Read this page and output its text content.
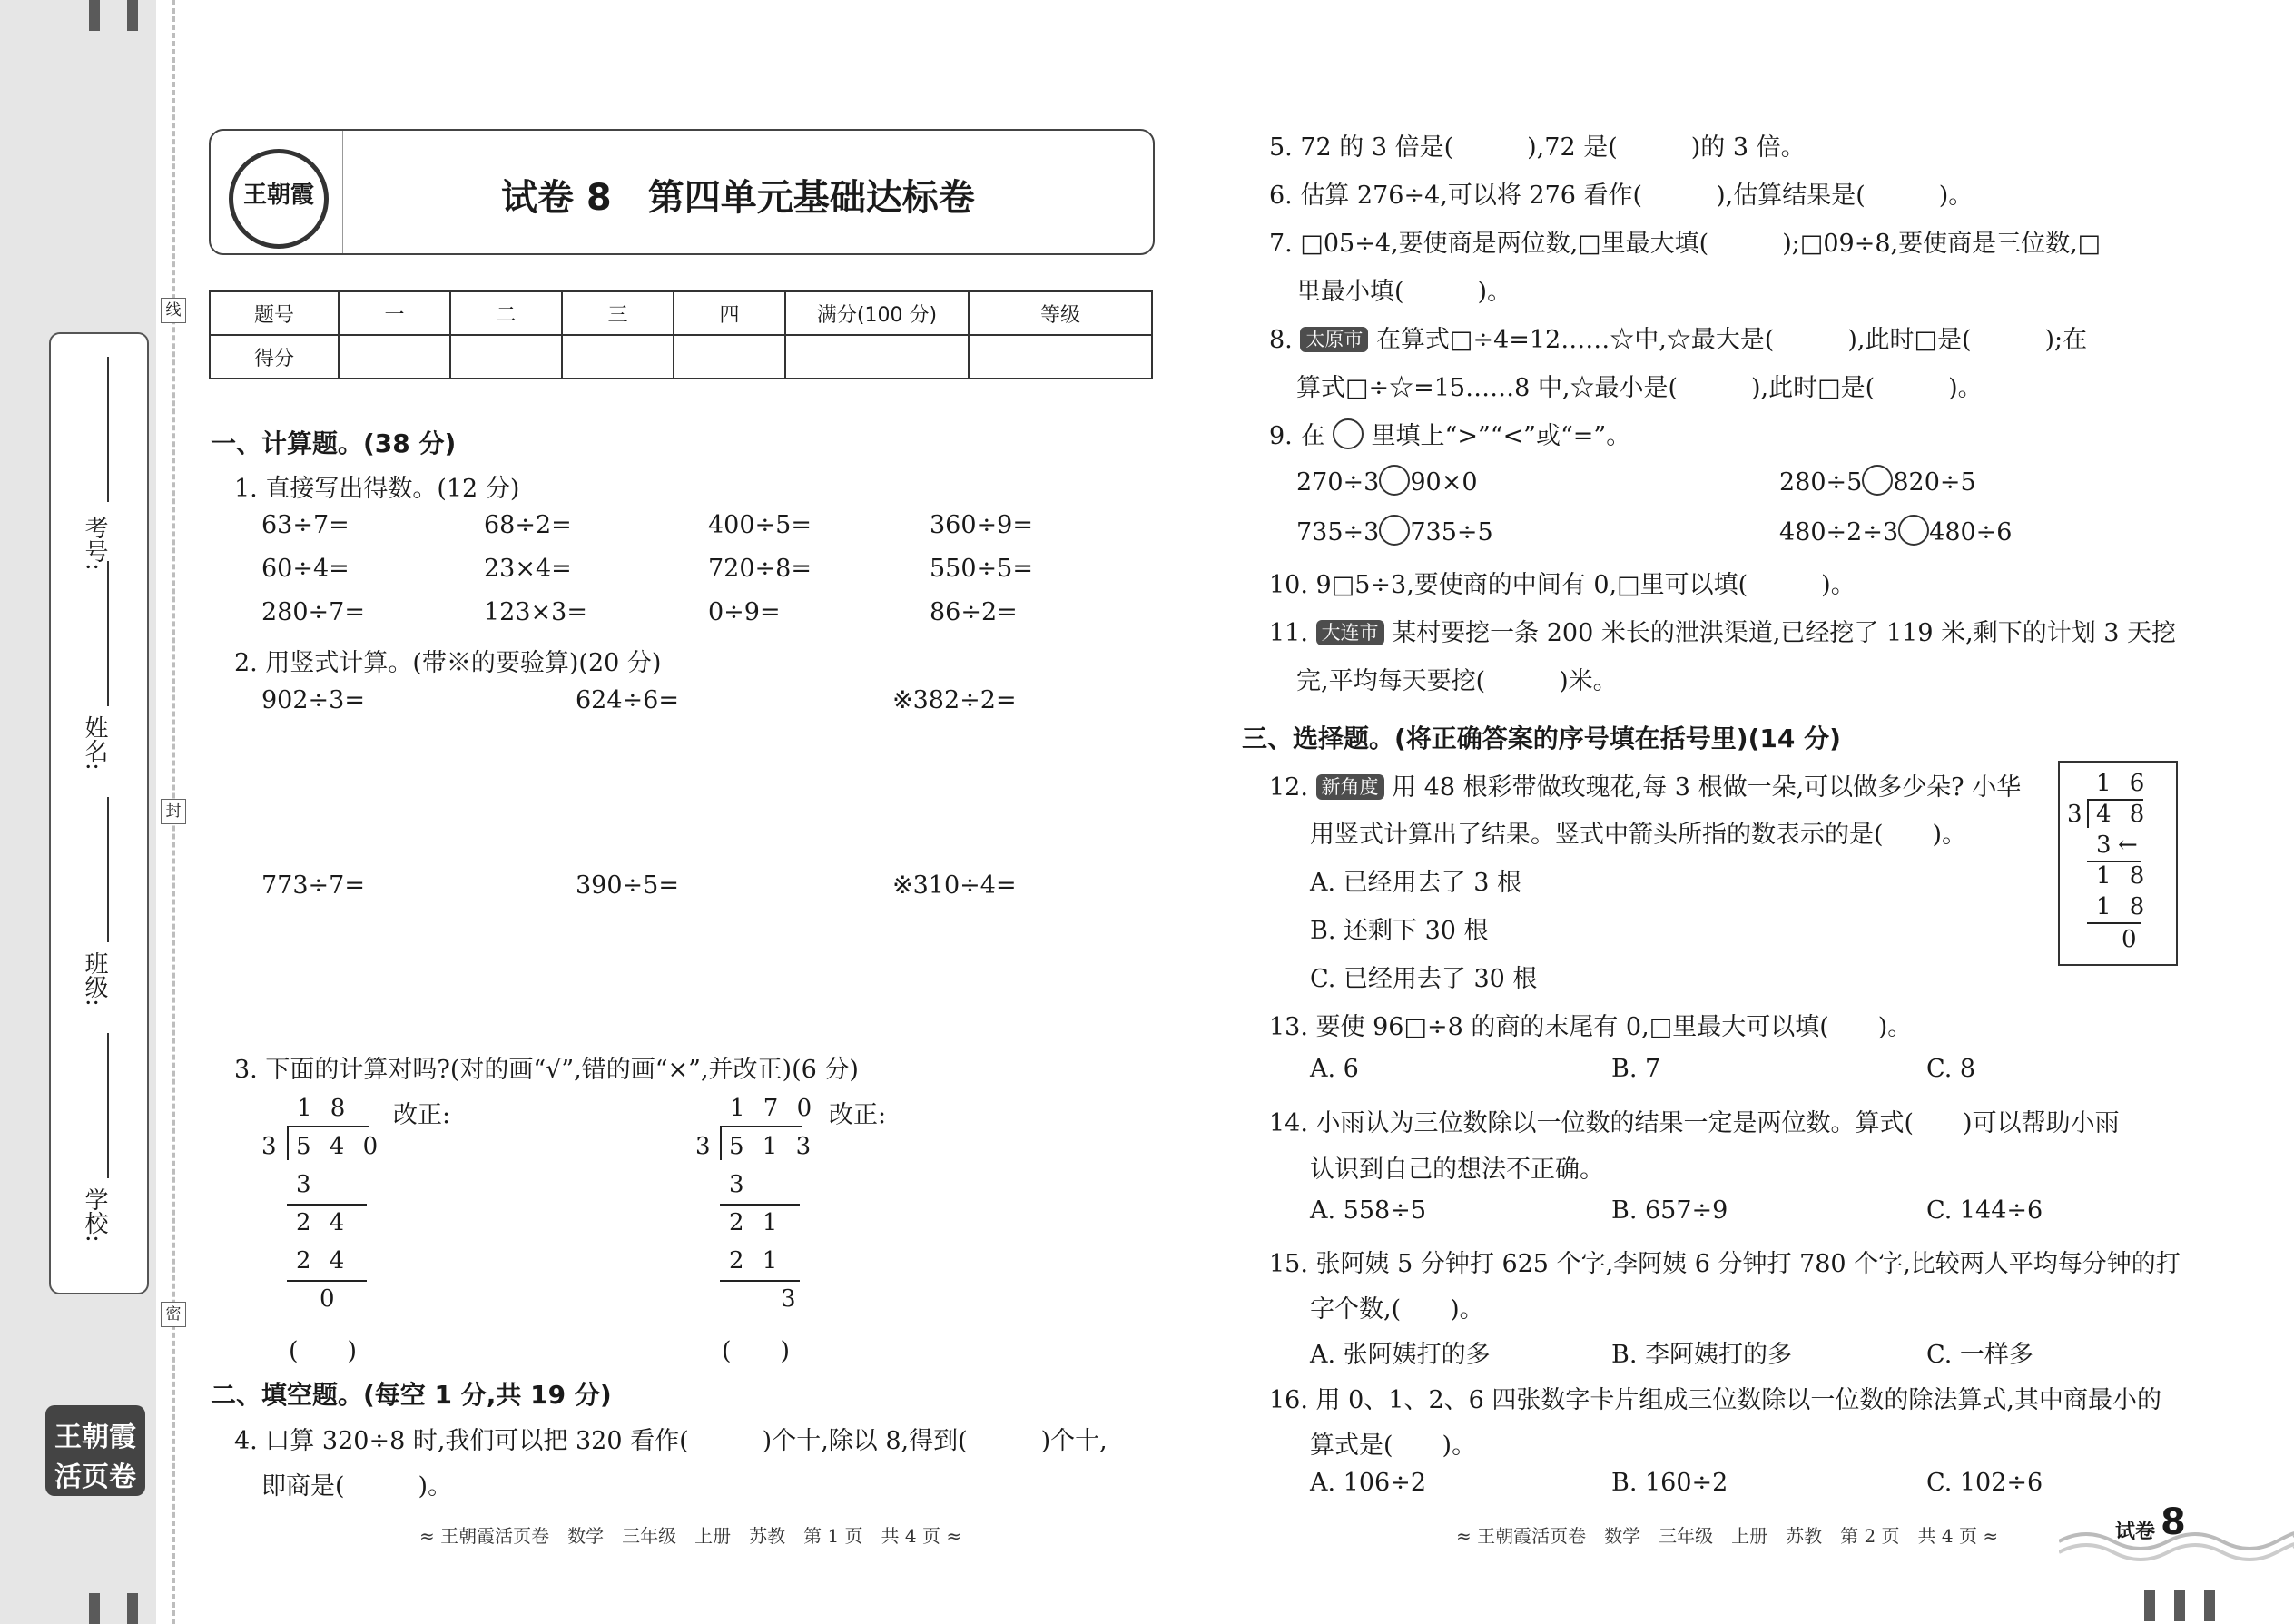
考号:
姓名:
班级:
学校:
线
封
密
王朝霞
活页卷
王朝霞	试卷 8　第四单元基础达标卷
题号	一	二	三	四	满分(100 分)	等级
得分						
一、计算题。(38 分)
1. 直接写出得数。(12 分)
63÷7=	68÷2=	400÷5=	360÷9=
60÷4=	23×4=	720÷8=	550÷5=
280÷7=	123×3=	0÷9=	86÷2=
2. 用竖式计算。(带※的要验算)(20 分)
902÷3=	624÷6=	※382÷2=
773÷7=	390÷5=	※310÷4=
3. 下面的计算对吗?(对的画“√”,错的画“×”,并改正)(6 分)
1 8
3 5 4 0
3
2 4
2 4
0
改正:
(　　)
1 7 0
3 5 1 3
3
2 1
2 1
3
改正:
(　　)
二、填空题。(每空 1 分,共 19 分)
4. 口算 320÷8 时,我们可以把 320 看作(　　　)个十,除以 8,得到(　　　)个十,
即商是(　　　)。
≈ 王朝霞活页卷　数学　三年级　上册　苏教　第 1 页　共 4 页 ≈
5. 72 的 3 倍是(　　　),72 是(　　　)的 3 倍。
6. 估算 276÷4,可以将 276 看作(　　　),估算结果是(　　　)。
7. □05÷4,要使商是两位数,□里最大填(　　　);□09÷8,要使商是三位数,□
里最小填(　　　)。
8. 太原市 在算式□÷4=12……☆中,☆最大是(　　　),此时□是(　　　);在
算式□÷☆=15……8 中,☆最小是(　　　),此时□是(　　　)。
9. 在 里填上“>”“<”或“=”。
270÷3 90×0	280÷5 820÷5
735÷3 735÷5	480÷2÷3 480÷6
10. 9□5÷3,要使商的中间有 0,□里可以填(　　　)。
11. 大连市 某村要挖一条 200 米长的泄洪渠道,已经挖了 119 米,剩下的计划 3 天挖
完,平均每天要挖(　　　)米。
三、选择题。(将正确答案的序号填在括号里)(14 分)
12. 新角度 用 48 根彩带做玫瑰花,每 3 根做一朵,可以做多少朵? 小华
用竖式计算出了结果。竖式中箭头所指的数表示的是(　　)。
A. 已经用去了 3 根
B. 还剩下 30 根
C. 已经用去了 30 根
1 6
3 4 8
3 ←
1 8
1 8
0
13. 要使 96□÷8 的商的末尾有 0,□里最大可以填(　　)。
A. 6	B. 7	C. 8
14. 小雨认为三位数除以一位数的结果一定是两位数。算式(　　)可以帮助小雨
认识到自己的想法不正确。
A. 558÷5	B. 657÷9	C. 144÷6
15. 张阿姨 5 分钟打 625 个字,李阿姨 6 分钟打 780 个字,比较两人平均每分钟的打
字个数,(　　)。
A. 张阿姨打的多	B. 李阿姨打的多	C. 一样多
16. 用 0、1、2、6 四张数字卡片组成三位数除以一位数的除法算式,其中商最小的
算式是(　　)。
A. 106÷2	B. 160÷2	C. 102÷6
≈ 王朝霞活页卷　数学　三年级　上册　苏教　第 2 页　共 4 页 ≈	试卷 8
